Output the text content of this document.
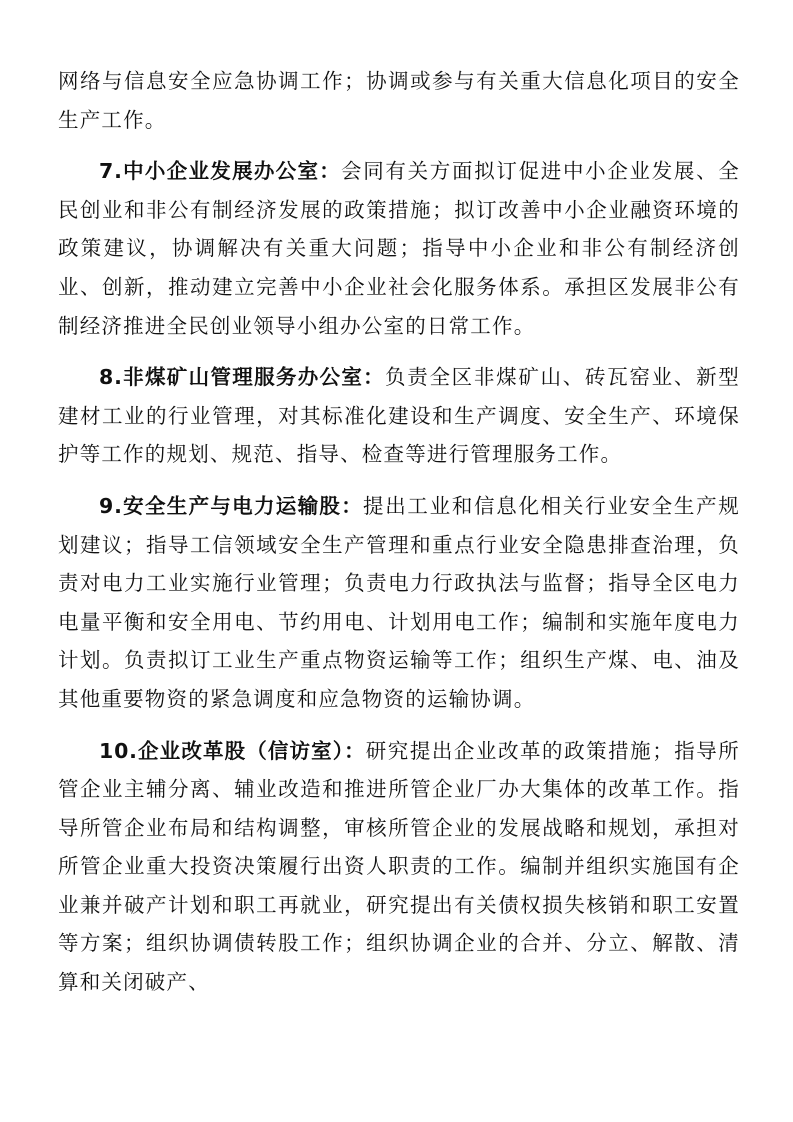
网络与信息安全应急协调工作；协调或参与有关重大信息化项目的安全生产工作。

7.中小企业发展办公室：会同有关方面拟订促进中小企业发展、全民创业和非公有制经济发展的政策措施；拟订改善中小企业融资环境的政策建议，协调解决有关重大问题；指导中小企业和非公有制经济创业、创新，推动建立完善中小企业社会化服务体系。承担区发展非公有制经济推进全民创业领导小组办公室的日常工作。

8.非煤矿山管理服务办公室：负责全区非煤矿山、砖瓦窑业、新型建材工业的行业管理，对其标准化建设和生产调度、安全生产、环境保护等工作的规划、规范、指导、检查等进行管理服务工作。

9.安全生产与电力运输股：提出工业和信息化相关行业安全生产规划建议；指导工信领域安全生产管理和重点行业安全隐患排查治理，负责对电力工业实施行业管理；负责电力行政执法与监督；指导全区电力电量平衡和安全用电、节约用电、计划用电工作；编制和实施年度电力计划。负责拟订工业生产重点物资运输等工作；组织生产煤、电、油及其他重要物资的紧急调度和应急物资的运输协调。

10.企业改革股（信访室）：研究提出企业改革的政策措施；指导所管企业主辅分离、辅业改造和推进所管企业厂办大集体的改革工作。指导所管企业布局和结构调整，审核所管企业的发展战略和规划，承担对所管企业重大投资决策履行出资人职责的工作。编制并组织实施国有企业兼并破产计划和职工再就业，研究提出有关债权损失核销和职工安置等方案；组织协调债转股工作；组织协调企业的合并、分立、解散、清算和关闭破产、
